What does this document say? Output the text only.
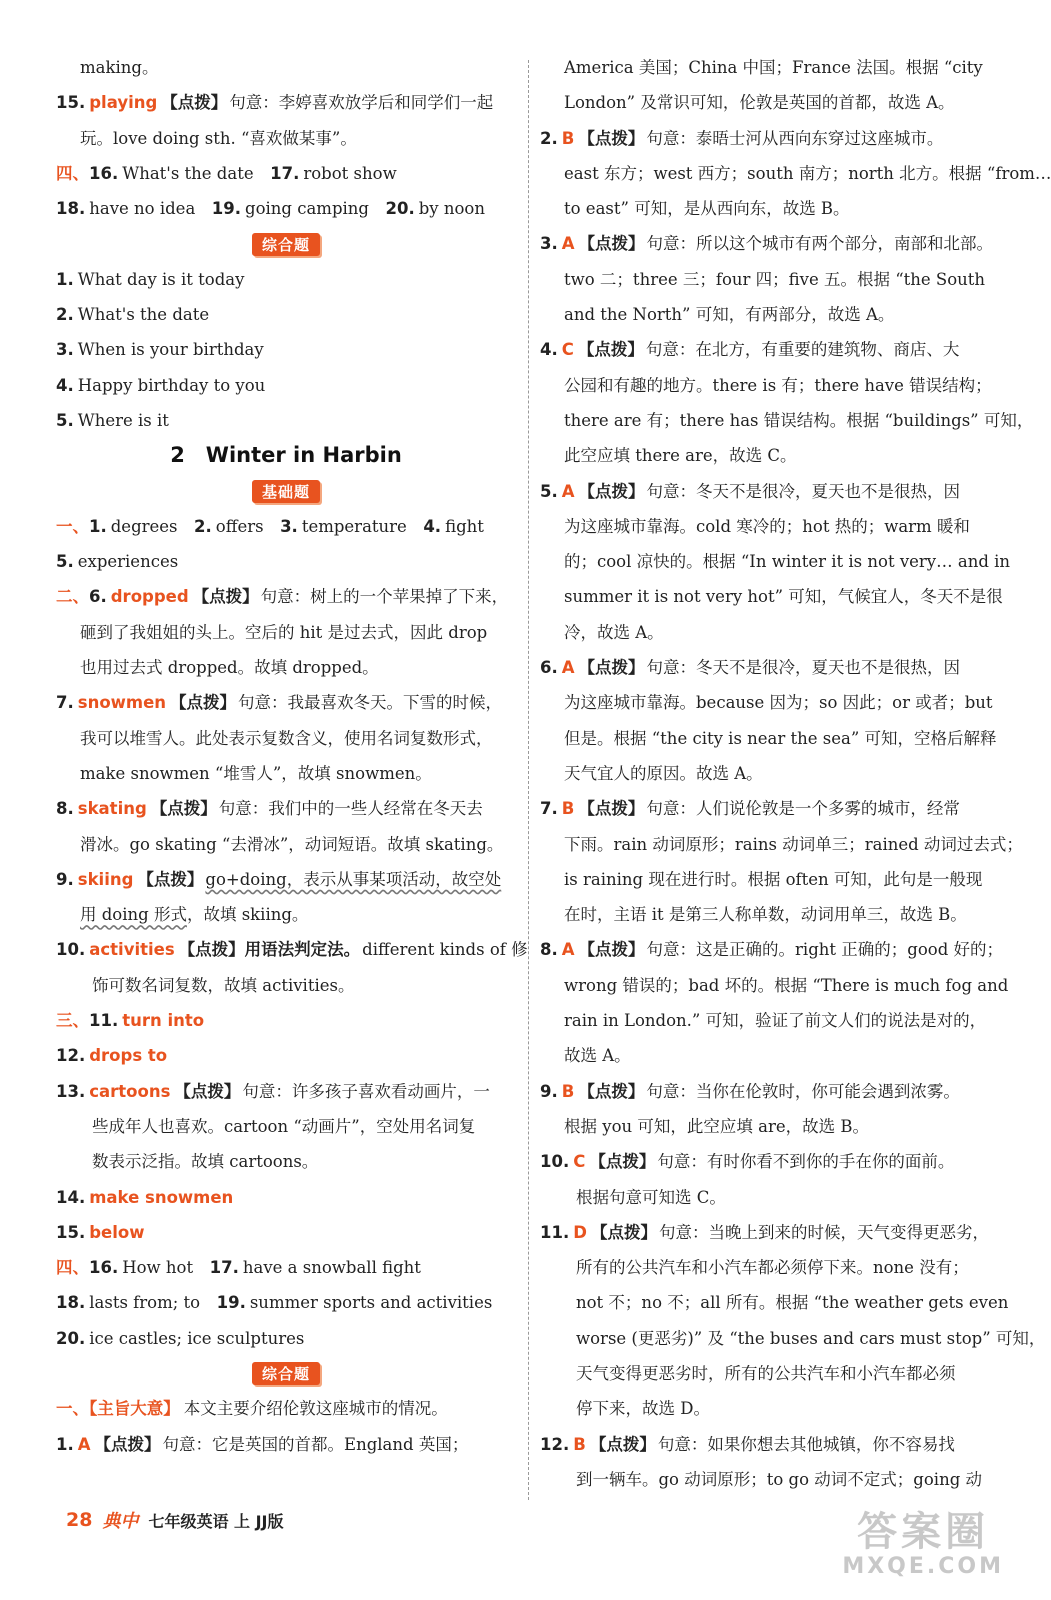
making。
15. playing 【点拨】 句意：李婷喜欢放学后和同学们一起
玩。love doing sth. “喜欢做某事”。
四、16. What's the date　17. robot show
18. have no idea　19. going camping　20. by noon
综合题
1. What day is it today
2. What's the date
3. When is your birthday
4. Happy birthday to you
5. Where is it
2　Winter in Harbin
基础题
一、1. degrees　2. offers　3. temperature　4. fight
5. experiences
二、6. dropped 【点拨】 句意：树上的一个苹果掉了下来，
砸到了我姐姐的头上。空后的 hit 是过去式，因此 drop
也用过去式 dropped。故填 dropped。
7. snowmen 【点拨】 句意：我最喜欢冬天。下雪的时候，
我可以堆雪人。此处表示复数含义，使用名词复数形式，
make snowmen “堆雪人”，故填 snowmen。
8. skating 【点拨】 句意：我们中的一些人经常在冬天去
滑冰。go skating “去滑冰”，动词短语。故填 skating。
9. skiing 【点拨】 go+doing，表示从事某项活动，故空处
用 doing 形式，故填 skiing。
10. activities 【点拨】用语法判定法。 different kinds of 修
饰可数名词复数，故填 activities。
三、11. turn into
12. drops to
13. cartoons 【点拨】 句意：许多孩子喜欢看动画片，一
些成年人也喜欢。cartoon “动画片”，空处用名词复
数表示泛指。故填 cartoons。
14. make snowmen
15. below
四、16. How hot　17. have a snowball fight
18. lasts from; to　19. summer sports and activities
20. ice castles; ice sculptures
综合题
一、【主旨大意】 本文主要介绍伦敦这座城市的情况。
1. A 【点拨】 句意：它是英国的首都。England 英国；
America 美国；China 中国；France 法国。根据 “city
London” 及常识可知，伦敦是英国的首都，故选 A。
2. B 【点拨】 句意：泰晤士河从西向东穿过这座城市。
east 东方；west 西方；south 南方；north 北方。根据 “from…
to east” 可知，是从西向东，故选 B。
3. A 【点拨】 句意：所以这个城市有两个部分，南部和北部。
two 二；three 三；four 四；five 五。根据 “the South
and the North” 可知，有两部分，故选 A。
4. C 【点拨】 句意：在北方，有重要的建筑物、商店、大
公园和有趣的地方。there is 有；there have 错误结构；
there are 有；there has 错误结构。根据 “buildings” 可知，
此空应填 there are，故选 C。
5. A 【点拨】 句意：冬天不是很冷，夏天也不是很热，因
为这座城市靠海。cold 寒冷的；hot 热的；warm 暖和
的；cool 凉快的。根据 “In winter it is not very… and in
summer it is not very hot” 可知，气候宜人，冬天不是很
冷，故选 A。
6. A 【点拨】 句意：冬天不是很冷，夏天也不是很热，因
为这座城市靠海。because 因为；so 因此；or 或者；but
但是。根据 “the city is near the sea” 可知，空格后解释
天气宜人的原因。故选 A。
7. B 【点拨】 句意：人们说伦敦是一个多雾的城市，经常
下雨。rain 动词原形；rains 动词单三；rained 动词过去式；
is raining 现在进行时。根据 often 可知，此句是一般现
在时，主语 it 是第三人称单数，动词用单三，故选 B。
8. A 【点拨】 句意：这是正确的。right 正确的；good 好的；
wrong 错误的；bad 坏的。根据 “There is much fog and
rain in London.” 可知，验证了前文人们的说法是对的，
故选 A。
9. B 【点拨】 句意：当你在伦敦时，你可能会遇到浓雾。
根据 you 可知，此空应填 are，故选 B。
10. C 【点拨】 句意：有时你看不到你的手在你的面前。
根据句意可知选 C。
11. D 【点拨】 句意：当晚上到来的时候，天气变得更恶劣，
所有的公共汽车和小汽车都必须停下来。none 没有；
not 不；no 不；all 所有。根据 “the weather gets even
worse (更恶劣)” 及 “the buses and cars must stop” 可知，
天气变得更恶劣时，所有的公共汽车和小汽车都必须
停下来，故选 D。
12. B 【点拨】 句意：如果你想去其他城镇，你不容易找
到一辆车。go 动词原形；to go 动词不定式；going 动
28 典中 七年级英语 上 JJ版	答案圈
MXQE.COM
